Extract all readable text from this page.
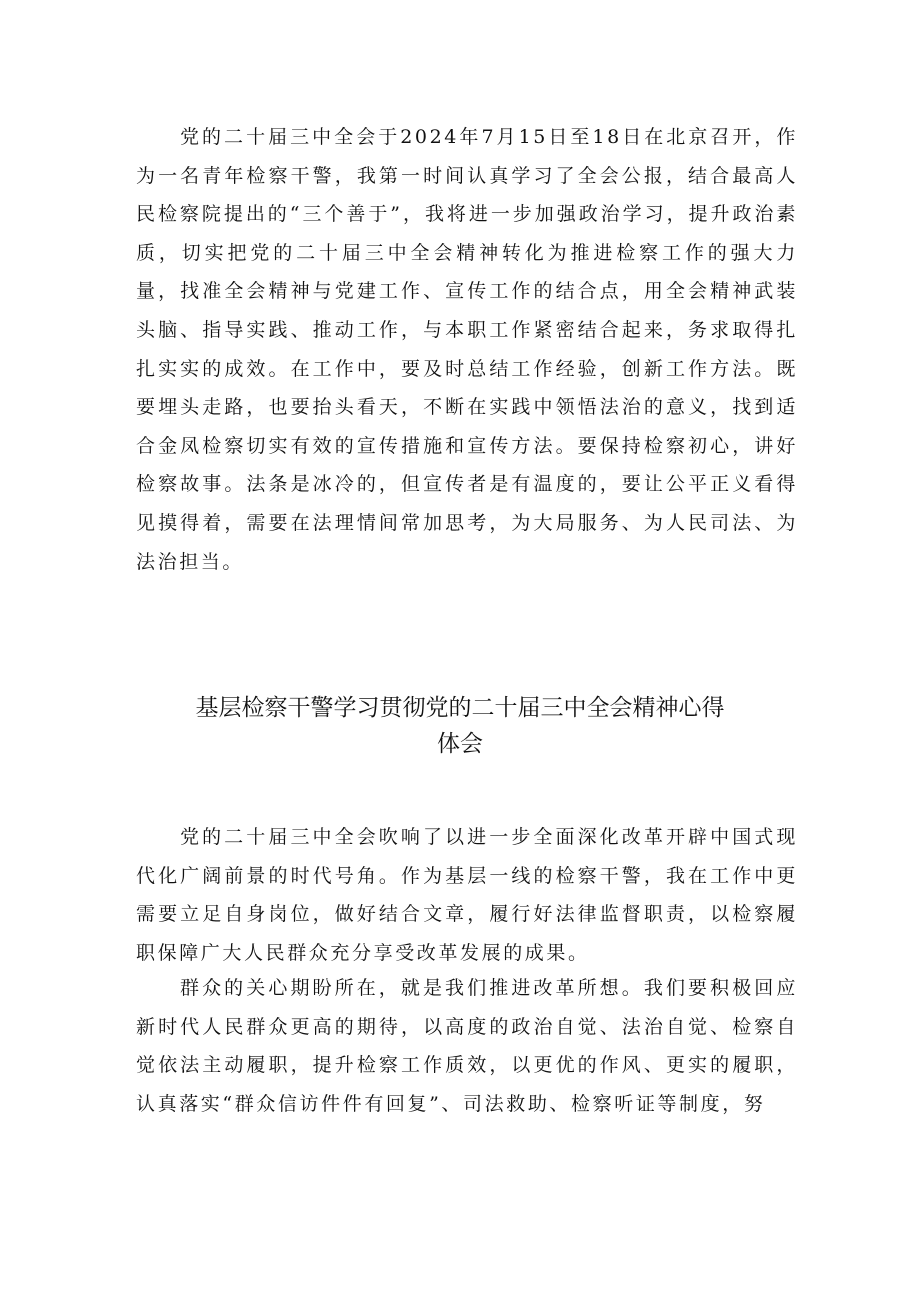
党的二十届三中全会于2024年7月15日至18日在北京召开，作为一名青年检察干警，我第一时间认真学习了全会公报，结合最高人民检察院提出的“三个善于”，我将进一步加强政治学习，提升政治素质，切实把党的二十届三中全会精神转化为推进检察工作的强大力量，找准全会精神与党建工作、宣传工作的结合点，用全会精神武装头脑、指导实践、推动工作，与本职工作紧密结合起来，务求取得扎扎实实的成效。在工作中，要及时总结工作经验，创新工作方法。既要埋头走路，也要抬头看天，不断在实践中领悟法治的意义，找到适合金凤检察切实有效的宣传措施和宣传方法。要保持检察初心，讲好检察故事。法条是冰冷的，但宣传者是有温度的，要让公平正义看得见摸得着，需要在法理情间常加思考，为大局服务、为人民司法、为法治担当。

基层检察干警学习贯彻党的二十届三中全会精神心得
体会

党的二十届三中全会吹响了以进一步全面深化改革开辟中国式现代化广阔前景的时代号角。作为基层一线的检察干警，我在工作中更需要立足自身岗位，做好结合文章，履行好法律监督职责，以检察履职保障广大人民群众充分享受改革发展的成果。

群众的关心期盼所在，就是我们推进改革所想。我们要积极回应新时代人民群众更高的期待，以高度的政治自觉、法治自觉、检察自觉依法主动履职，提升检察工作质效，以更优的作风、更实的履职，认真落实“群众信访件件有回复”、司法救助、检察听证等制度，努
